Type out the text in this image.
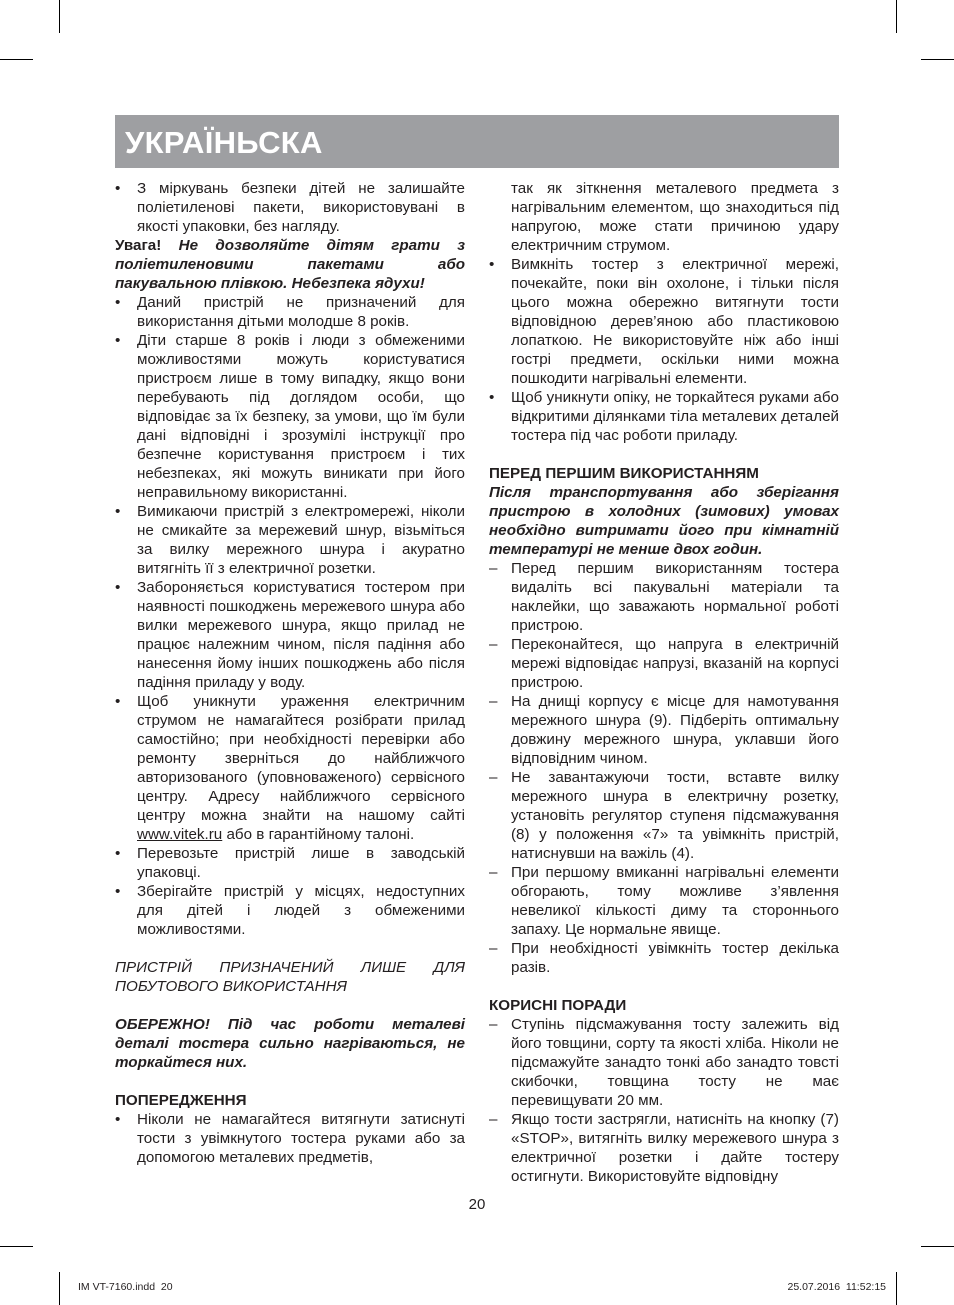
УКРАЇНЬСКА

• З міркувань безпеки дітей не залишайте поліетиленові пакети, використовувані в якості упаковки, без нагляду.

Увага! Не дозволяйте дітям грати з поліетиленовими пакетами або пакувальною плівкою. Небезпека ядухи!

• Даний пристрій не призначений для використання дітьми молодше 8 років.

• Діти старше 8 років і люди з обмеженими можливостями можуть користуватися пристроєм лише в тому випадку, якщо вони перебувають під доглядом особи, що відповідає за їх безпеку, за умови, що їм були дані відповідні і зрозумілі інструкції про безпечне користування пристроєм і тих небезпеках, які можуть виникати при його неправильному використанні.

• Вимикаючи пристрій з електромережі, ніколи не смикайте за мережевий шнур, візьміться за вилку мережного шнура і акуратно витягніть її з електричної розетки.

• Забороняється користуватися тостером при наявності пошкоджень мережевого шнура або вилки мережевого шнура, якщо прилад не працює належним чином, після падіння або нанесення йому інших пошкоджень або після падіння приладу у воду.

• Щоб уникнути ураження електричним струмом не намагайтеся розібрати прилад самостійно; при необхідності перевірки або ремонту зверніться до найближчого авторизованого (уповноваженого) сервісного центру. Адресу найближчого сервісного центру можна знайти на нашому сайті www.vitek.ru або в гарантійному талоні.

• Перевозьте пристрій лише в заводській упаковці.

• Зберігайте пристрій у місцях, недоступних для дітей і людей з обмеженими можливостями.

ПРИСТРІЙ ПРИЗНАЧЕНИЙ ЛИШЕ ДЛЯ ПОБУТОВОГО ВИКОРИСТАННЯ

ОБЕРЕЖНО! Під час роботи металеві деталі тостера сильно нагріваються, не торкайтеся них.

ПОПЕРЕДЖЕННЯ

• Ніколи не намагайтеся витягнути затиснуті тости з увімкнутого тостера руками або за допомогою металевих предметів,

так як зіткнення металевого предмета з нагрівальним елементом, що знаходиться під напругою, може стати причиною удару електричним струмом.

• Вимкніть тостер з електричної мережі, почекайте, поки він охолоне, і тільки після цього можна обережно витягнути тости відповідною дерев’яною або пластиковою лопаткою. Не використовуйте ніж або інші гострі предмети, оскільки ними можна пошкодити нагрівальні елементи.

• Щоб уникнути опіку, не торкайтеся руками або відкритими ділянками тіла металевих деталей тостера під час роботи приладу.

ПЕРЕД ПЕРШИМ ВИКОРИСТАННЯМ

Після транспортування або зберігання пристрою в холодних (зимових) умовах необхідно витримати його при кімнатній температурі не менше двох годин.

– Перед першим використанням тостера видаліть всі пакувальні матеріали та наклейки, що заважають нормальної роботі пристрою.

– Переконайтеся, що напруга в електричній мережі відповідає напрузі, вказаній на корпусі пристрою.

– На днищі корпусу є місце для намотування мережного шнура (9). Підберіть оптимальну довжину мережного шнура, уклавши його відповідним чином.

– Не завантажуючи тости, вставте вилку мережного шнура в електричну розетку, установіть регулятор ступеня підсмажування (8) у положення «7» та увімкніть пристрій, натиснувши на важіль (4).

– При першому вмиканні нагрівальні елементи обгорають, тому можливе з’явлення невеликої кількості диму та стороннього запаху. Це нормальне явище.

– При необхідності увімкніть тостер декілька разів.

КОРИСНІ ПОРАДИ

– Ступінь підсмажування тосту залежить від його товщини, сорту та якості хліба. Ніколи не підсмажуйте занадто тонкі або занадто товсті скибочки, товщина тосту не має перевищувати 20 мм.

– Якщо тости застрягли, натисніть на кнопку (7) «STOP», витягніть вилку мережевого шнура з електричної розетки і дайте тостеру остигнути. Використовуйте відповідну

20
IM VT-7160.indd 20	25.07.2016 11:52:15
